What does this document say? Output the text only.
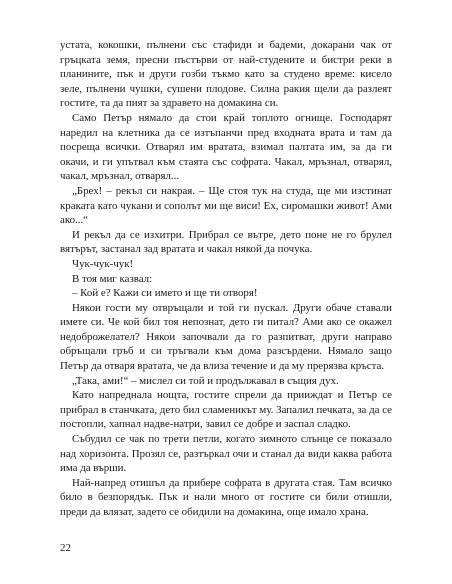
устата, кокошки, пълнени със стафиди и бадеми, докарани чак от гръцката земя, пресни пъстърви от най-студените и бистри реки в планините, пък и други гозби тъкмо като за студено време: кисело зеле, пълнени чушки, сушени плодове. Силна ракия щели да разлеят гостите, та да пият за здравето на домакина си.

Само Петър нямало да стои край топлото огнище. Господарят наредил на клетника да се изтъпанчи пред входната врата и там да посреща всички. Отварял им вратата, взимал палтата им, за да ги окачи, и ги упътвал към стаята със софрата. Чакал, мръзнал, отварял, чакал, мръзнал, отварял...

„Брех! – рекъл си накрая. – Ще стоя тук на студа, ще ми изстинат краката като чукани и сополът ми ще виси! Ех, сиромашки живот! Ами ако...“

И рекъл да се изхитри. Прибрал се вътре, дето поне не го брулел вятърът, застанал зад вратата и чакал някой да почука.

Чук-чук-чук!

В тоя миг казвал:

– Кой е? Кажи си името и ще ти отворя!

Някои гости му отвръщали и той ги пускал. Други обаче ставали имете си. Че кой бил тоя непознат, дето ги питал? Ами ако се окажел недоброжелател? Някои започвали да го разпитват, други направо обръщали гръб и си тръгвали към дома разсърдени. Нямало защо Петър да отваря вратата, че да влиза течение и да му прерязва кръста.

„Така, ами!“ – мислел си той и продължавал в същия дух.

Като напреднала нощта, гостите спрели да прииждат и Петър се прибрал в станчката, дето бил сламеникът му. Запалил печката, за да се постопли, хапнал надве-натри, завил се добре и заспал сладко.

Събудил се чак по трети петли, когато зимното слънце се показало над хоризонта. Прозял се, разтъркал очи и станал да види каква работа има да върши.

Най-напред отишъл да прибере софрата в другата стая. Там всичко било в безпорядък. Пък и нали много от гостите си били отишли, преди да влязат, задето се обидили на домакина, още имало храна.

22
